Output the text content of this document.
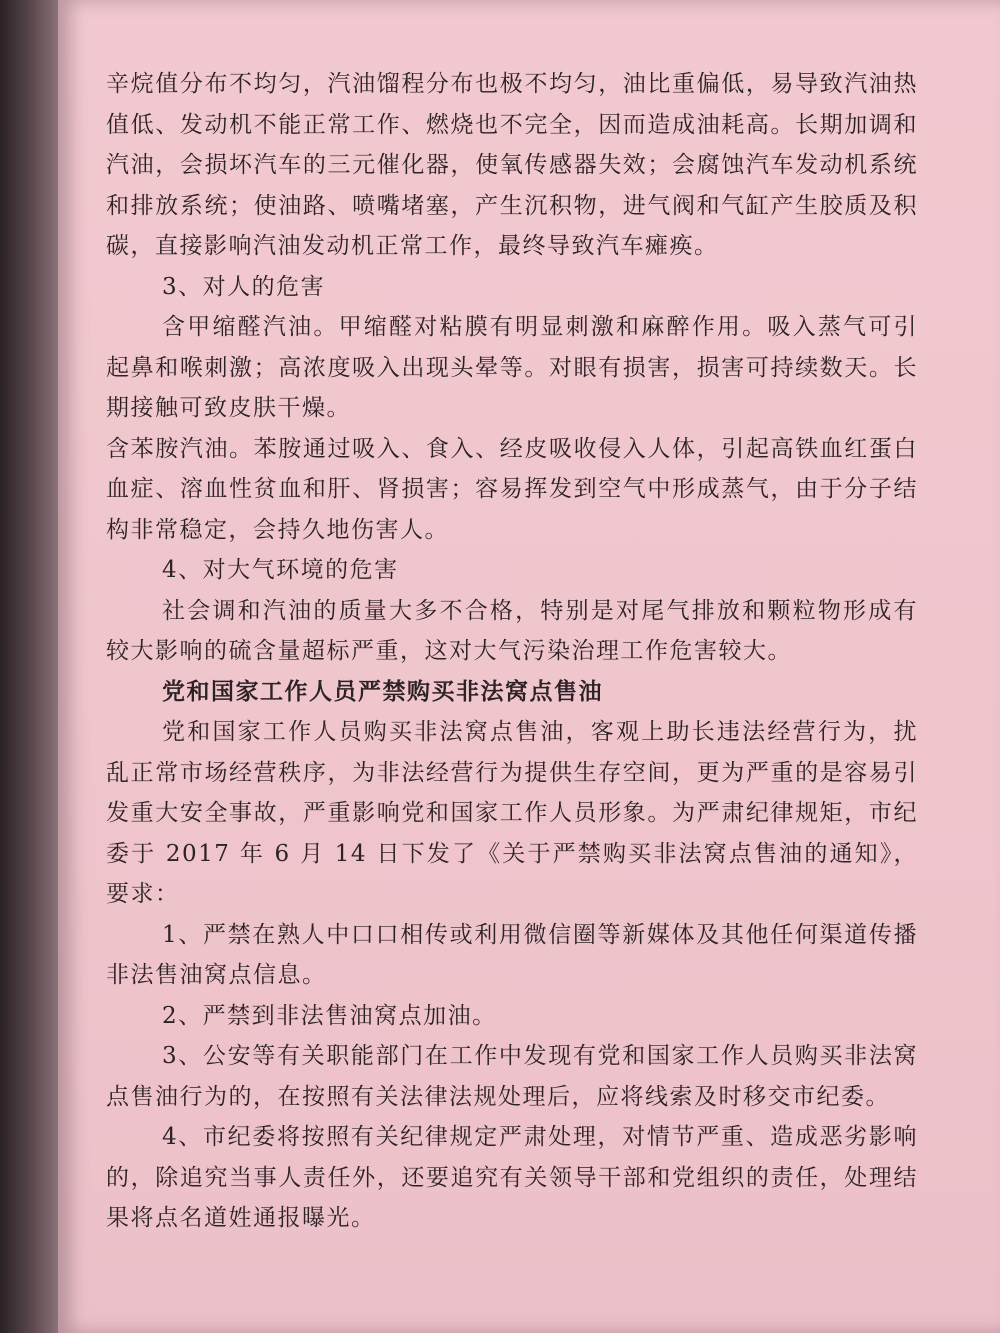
辛烷值分布不均匀，汽油馏程分布也极不均匀，油比重偏低，易导致汽油热值低、发动机不能正常工作、燃烧也不完全，因而造成油耗高。长期加调和汽油，会损坏汽车的三元催化器，使氧传感器失效；会腐蚀汽车发动机系统和排放系统；使油路、喷嘴堵塞，产生沉积物，进气阀和气缸产生胶质及积碳，直接影响汽油发动机正常工作，最终导致汽车瘫痪。

3、对人的危害

含甲缩醛汽油。甲缩醛对粘膜有明显刺激和麻醉作用。吸入蒸气可引起鼻和喉刺激；高浓度吸入出现头晕等。对眼有损害，损害可持续数天。长期接触可致皮肤干燥。

含苯胺汽油。苯胺通过吸入、食入、经皮吸收侵入人体，引起高铁血红蛋白血症、溶血性贫血和肝、肾损害；容易挥发到空气中形成蒸气，由于分子结构非常稳定，会持久地伤害人。

4、对大气环境的危害

社会调和汽油的质量大多不合格，特别是对尾气排放和颗粒物形成有较大影响的硫含量超标严重，这对大气污染治理工作危害较大。

党和国家工作人员严禁购买非法窝点售油

党和国家工作人员购买非法窝点售油，客观上助长违法经营行为，扰乱正常市场经营秩序，为非法经营行为提供生存空间，更为严重的是容易引发重大安全事故，严重影响党和国家工作人员形象。为严肃纪律规矩，市纪委于 2017 年 6 月 14 日下发了《关于严禁购买非法窝点售油的通知》，要求：

1、严禁在熟人中口口相传或利用微信圈等新媒体及其他任何渠道传播非法售油窝点信息。

2、严禁到非法售油窝点加油。

3、公安等有关职能部门在工作中发现有党和国家工作人员购买非法窝点售油行为的，在按照有关法律法规处理后，应将线索及时移交市纪委。

4、市纪委将按照有关纪律规定严肃处理，对情节严重、造成恶劣影响的，除追究当事人责任外，还要追究有关领导干部和党组织的责任，处理结果将点名道姓通报曝光。
